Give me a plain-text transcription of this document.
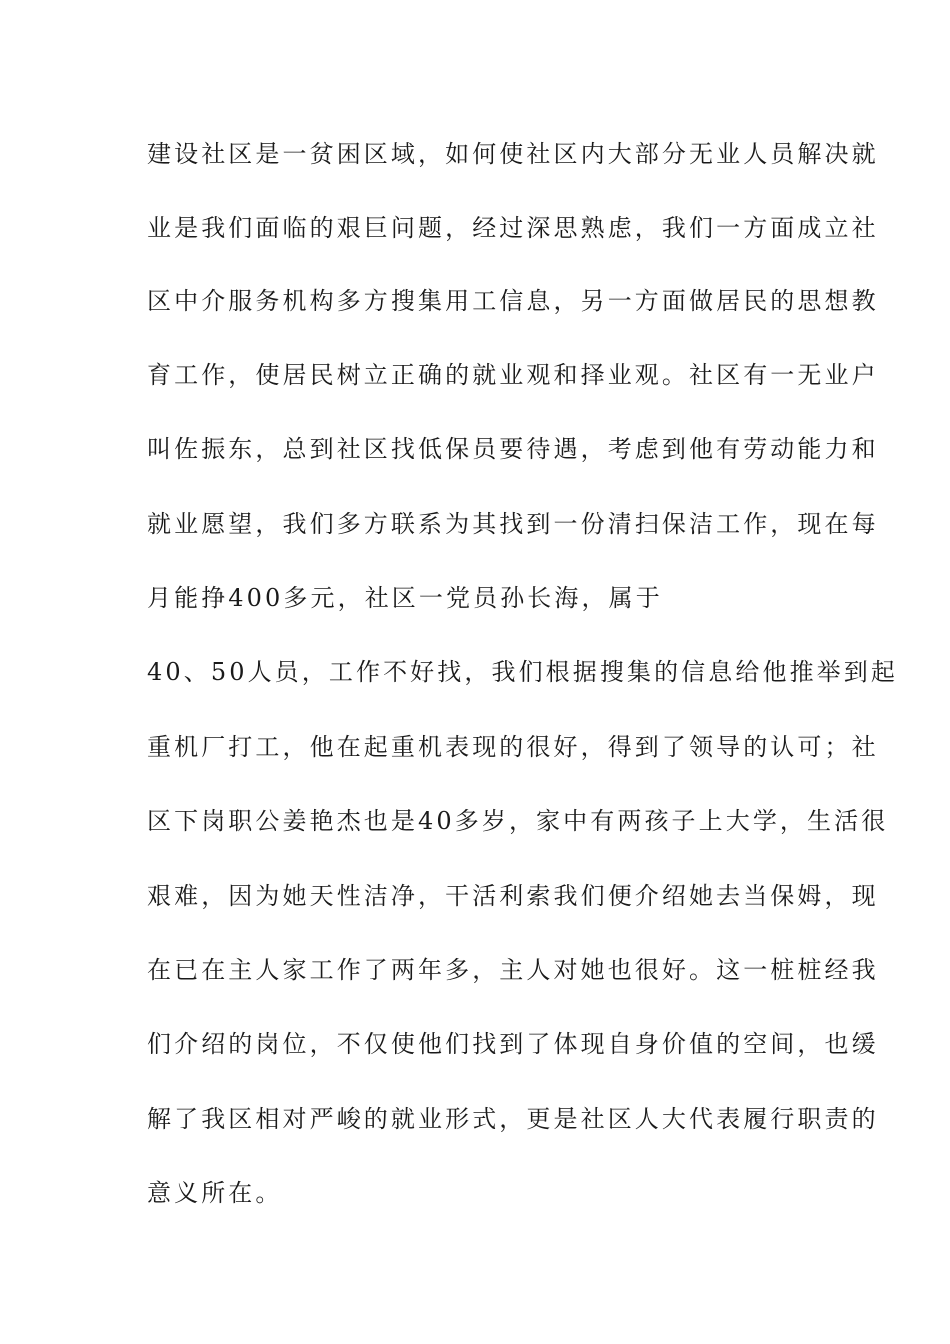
建设社区是一贫困区域，如何使社区内大部分无业人员解决就
业是我们面临的艰巨问题，经过深思熟虑，我们一方面成立社
区中介服务机构多方搜集用工信息，另一方面做居民的思想教
育工作，使居民树立正确的就业观和择业观。社区有一无业户
叫佐振东，总到社区找低保员要待遇，考虑到他有劳动能力和
就业愿望，我们多方联系为其找到一份清扫保洁工作，现在每
月能挣400多元，社区一党员孙长海，属于
40、50人员，工作不好找，我们根据搜集的信息给他推举到起
重机厂打工，他在起重机表现的很好，得到了领导的认可；社
区下岗职公姜艳杰也是40多岁，家中有两孩子上大学，生活很
艰难，因为她天性洁净，干活利索我们便介绍她去当保姆，现
在已在主人家工作了两年多，主人对她也很好。这一桩桩经我
们介绍的岗位，不仅使他们找到了体现自身价值的空间，也缓
解了我区相对严峻的就业形式，更是社区人大代表履行职责的
意义所在。
